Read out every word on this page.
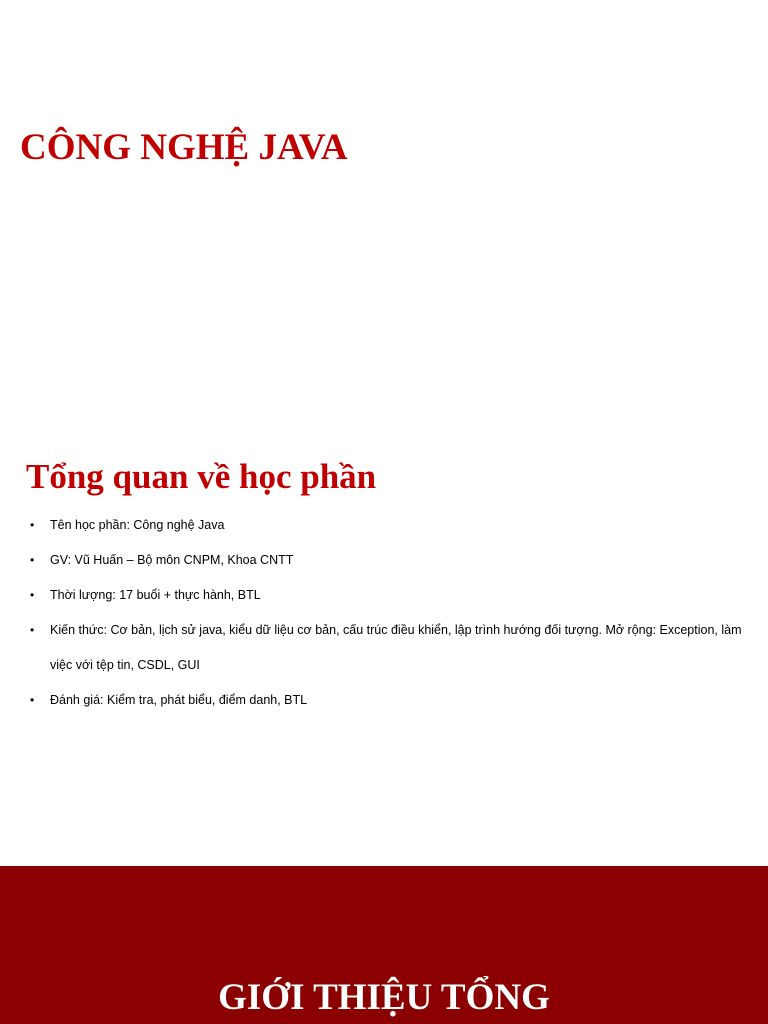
CÔNG NGHỆ JAVA
Tổng quan về học phần
• Tên học phần: Công nghệ Java
• GV: Vũ Huấn – Bộ môn CNPM, Khoa CNTT
• Thời lượng: 17 buổi + thực hành, BTL
• Kiến thức: Cơ bản, lịch sử java, kiểu dữ liệu cơ bản, cấu trúc điều khiển, lập trình hướng đối tượng. Mở rộng: Exception, làm việc với tệp tin, CSDL, GUI
• Đánh giá: Kiểm tra, phát biểu, điểm danh, BTL
GIỚI THIỆU TỔNG
